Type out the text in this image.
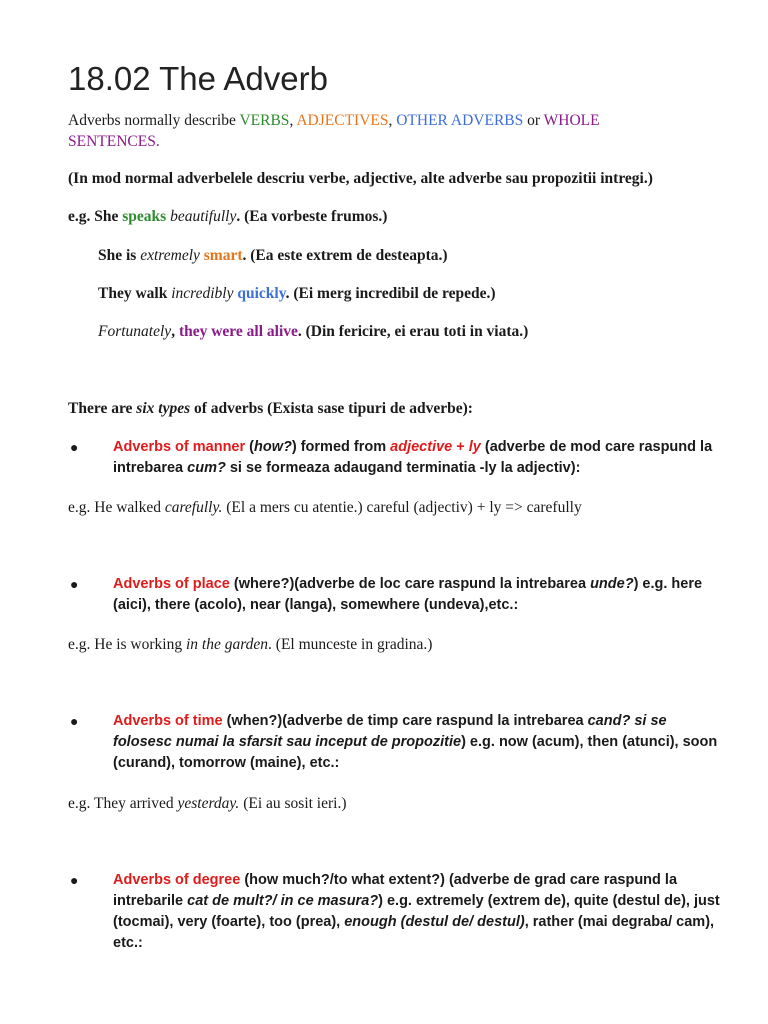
18.02 The Adverb
Adverbs normally describe VERBS, ADJECTIVES, OTHER ADVERBS or WHOLE SENTENCES.
(In mod normal adverbelele descriu verbe, adjective, alte adverbe sau propozitii intregi.)
e.g. She speaks beautifully. (Ea vorbeste frumos.)
She is extremely smart. (Ea este extrem de desteapta.)
They walk incredibly quickly. (Ei merg incredibil de repede.)
Fortunately, they were all alive. (Din fericire, ei erau toti in viata.)
There are six types of adverbs (Exista sase tipuri de adverbe):
●	Adverbs of manner (how?) formed from adjective + ly (adverbe de mod care raspund la intrebarea cum? si se formeaza adaugand terminatia -ly la adjectiv):
e.g. He walked carefully. (El a mers cu atentie.) careful (adjectiv) + ly => carefully
●	Adverbs of place (where?)(adverbe de loc care raspund la intrebarea unde?) e.g. here (aici), there (acolo), near (langa), somewhere (undeva),etc.:
e.g. He is working in the garden. (El munceste in gradina.)
●	Adverbs of time (when?)(adverbe de timp care raspund la intrebarea cand? si se folosesc numai la sfarsit sau inceput de propozitie) e.g. now (acum), then (atunci), soon (curand), tomorrow (maine), etc.:
e.g. They arrived yesterday. (Ei au sosit ieri.)
●	Adverbs of degree (how much?/to what extent?) (adverbe de grad care raspund la intrebarile cat de mult?/ in ce masura?) e.g. extremely (extrem de), quite (destul de), just (tocmai), very (foarte), too (prea), enough (destul de/ destul), rather (mai degraba/ cam), etc.:
